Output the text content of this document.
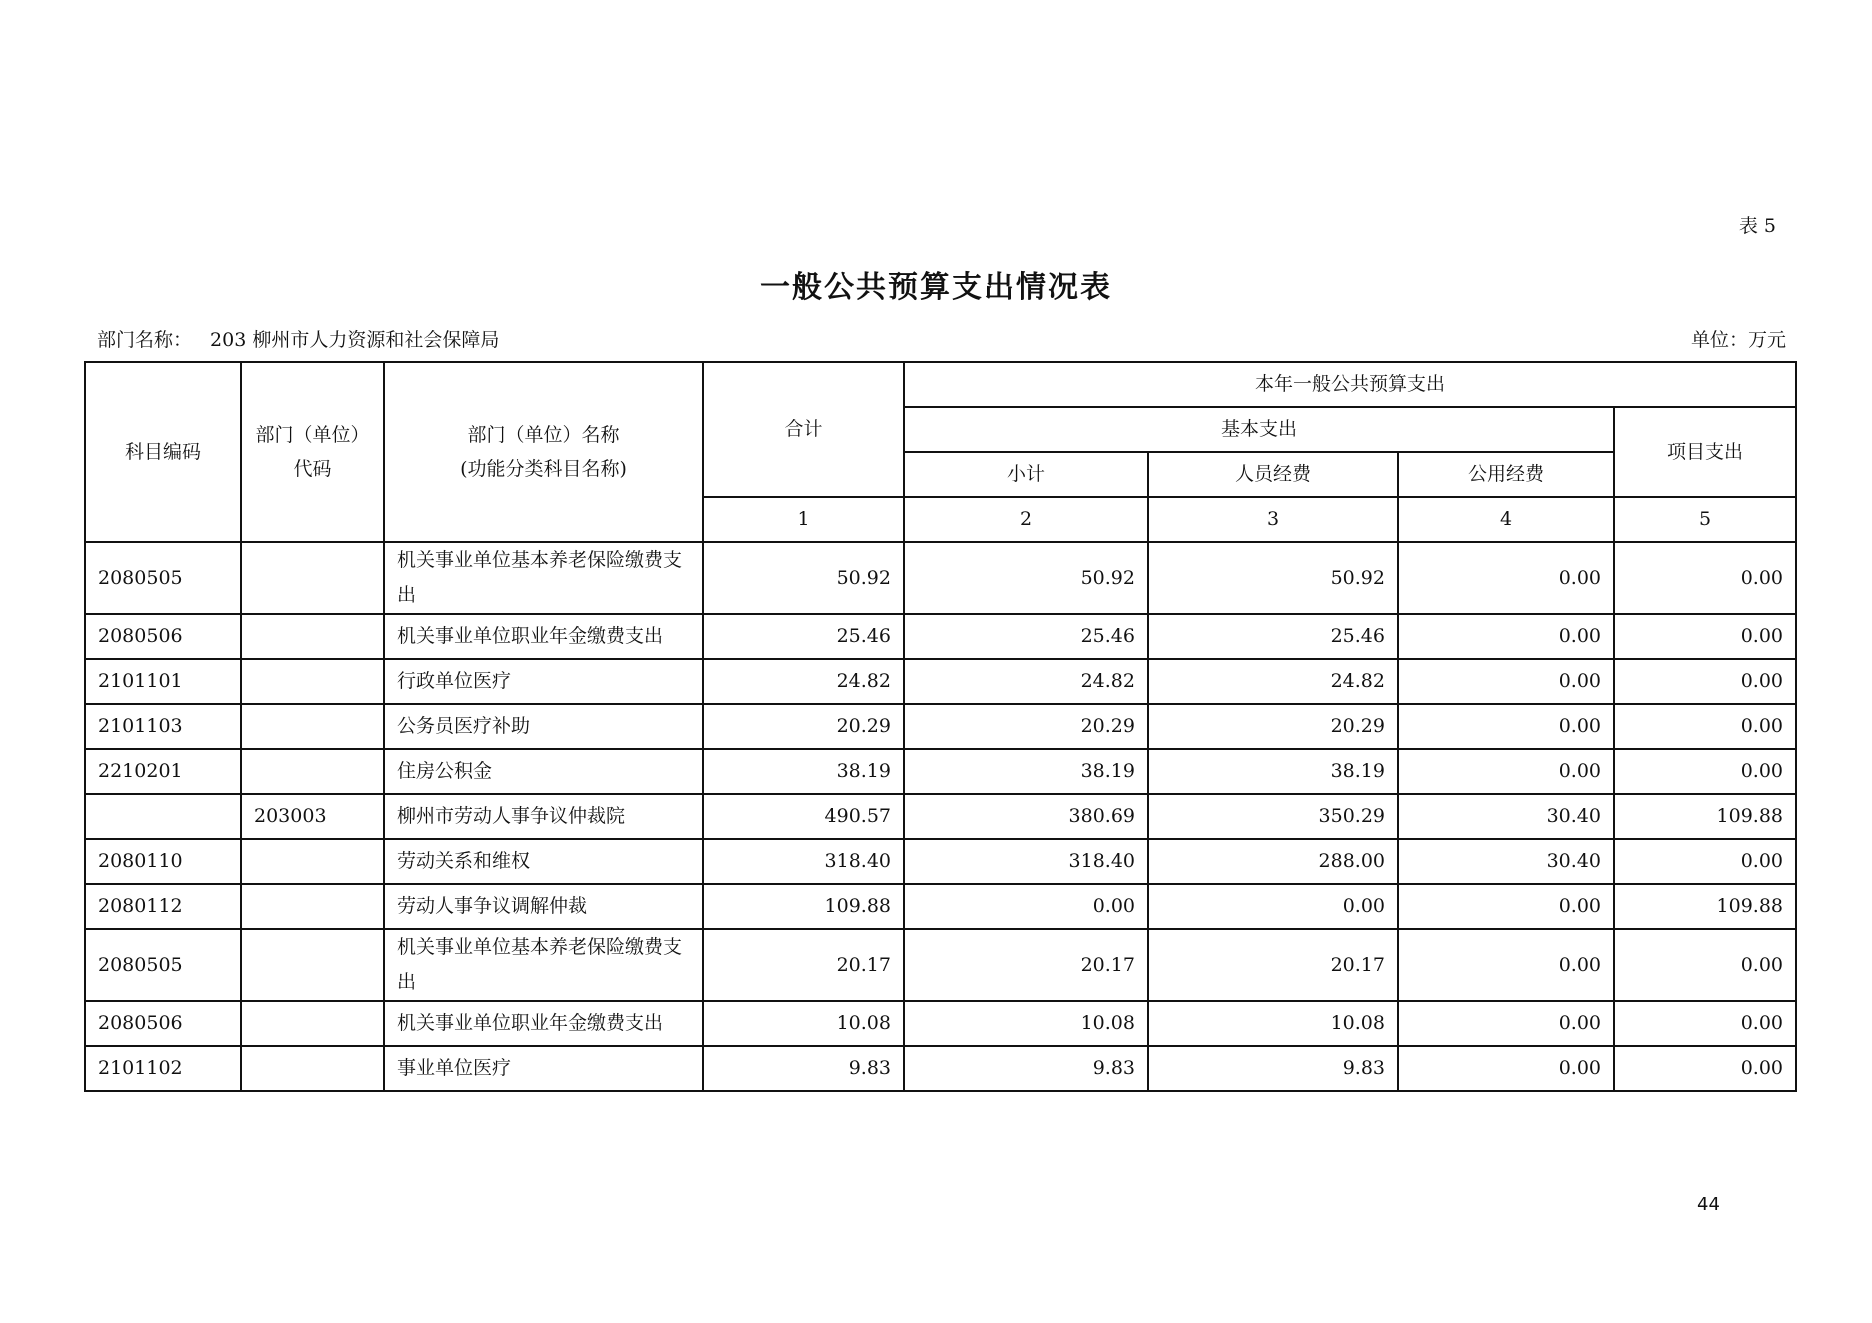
表 5
一般公共预算支出情况表
部门名称： 203 柳州市人力资源和社会保障局	单位：万元
科目编码	部门（单位）代码	部门（单位）名称
(功能分类科目名称)	合计	本年一般公共预算支出			
				基本支出			项目支出
				小计	人员经费	公用经费	
			1	2	3	4	5
2080505		机关事业单位基本养老保险缴费支出	50.92	50.92	50.92	0.00	0.00
2080506		机关事业单位职业年金缴费支出	25.46	25.46	25.46	0.00	0.00
2101101		行政单位医疗	24.82	24.82	24.82	0.00	0.00
2101103		公务员医疗补助	20.29	20.29	20.29	0.00	0.00
2210201		住房公积金	38.19	38.19	38.19	0.00	0.00
	203003	柳州市劳动人事争议仲裁院	490.57	380.69	350.29	30.40	109.88
2080110		劳动关系和维权	318.40	318.40	288.00	30.40	0.00
2080112		劳动人事争议调解仲裁	109.88	0.00	0.00	0.00	109.88
2080505		机关事业单位基本养老保险缴费支出	20.17	20.17	20.17	0.00	0.00
2080506		机关事业单位职业年金缴费支出	10.08	10.08	10.08	0.00	0.00
2101102		事业单位医疗	9.83	9.83	9.83	0.00	0.00
44
